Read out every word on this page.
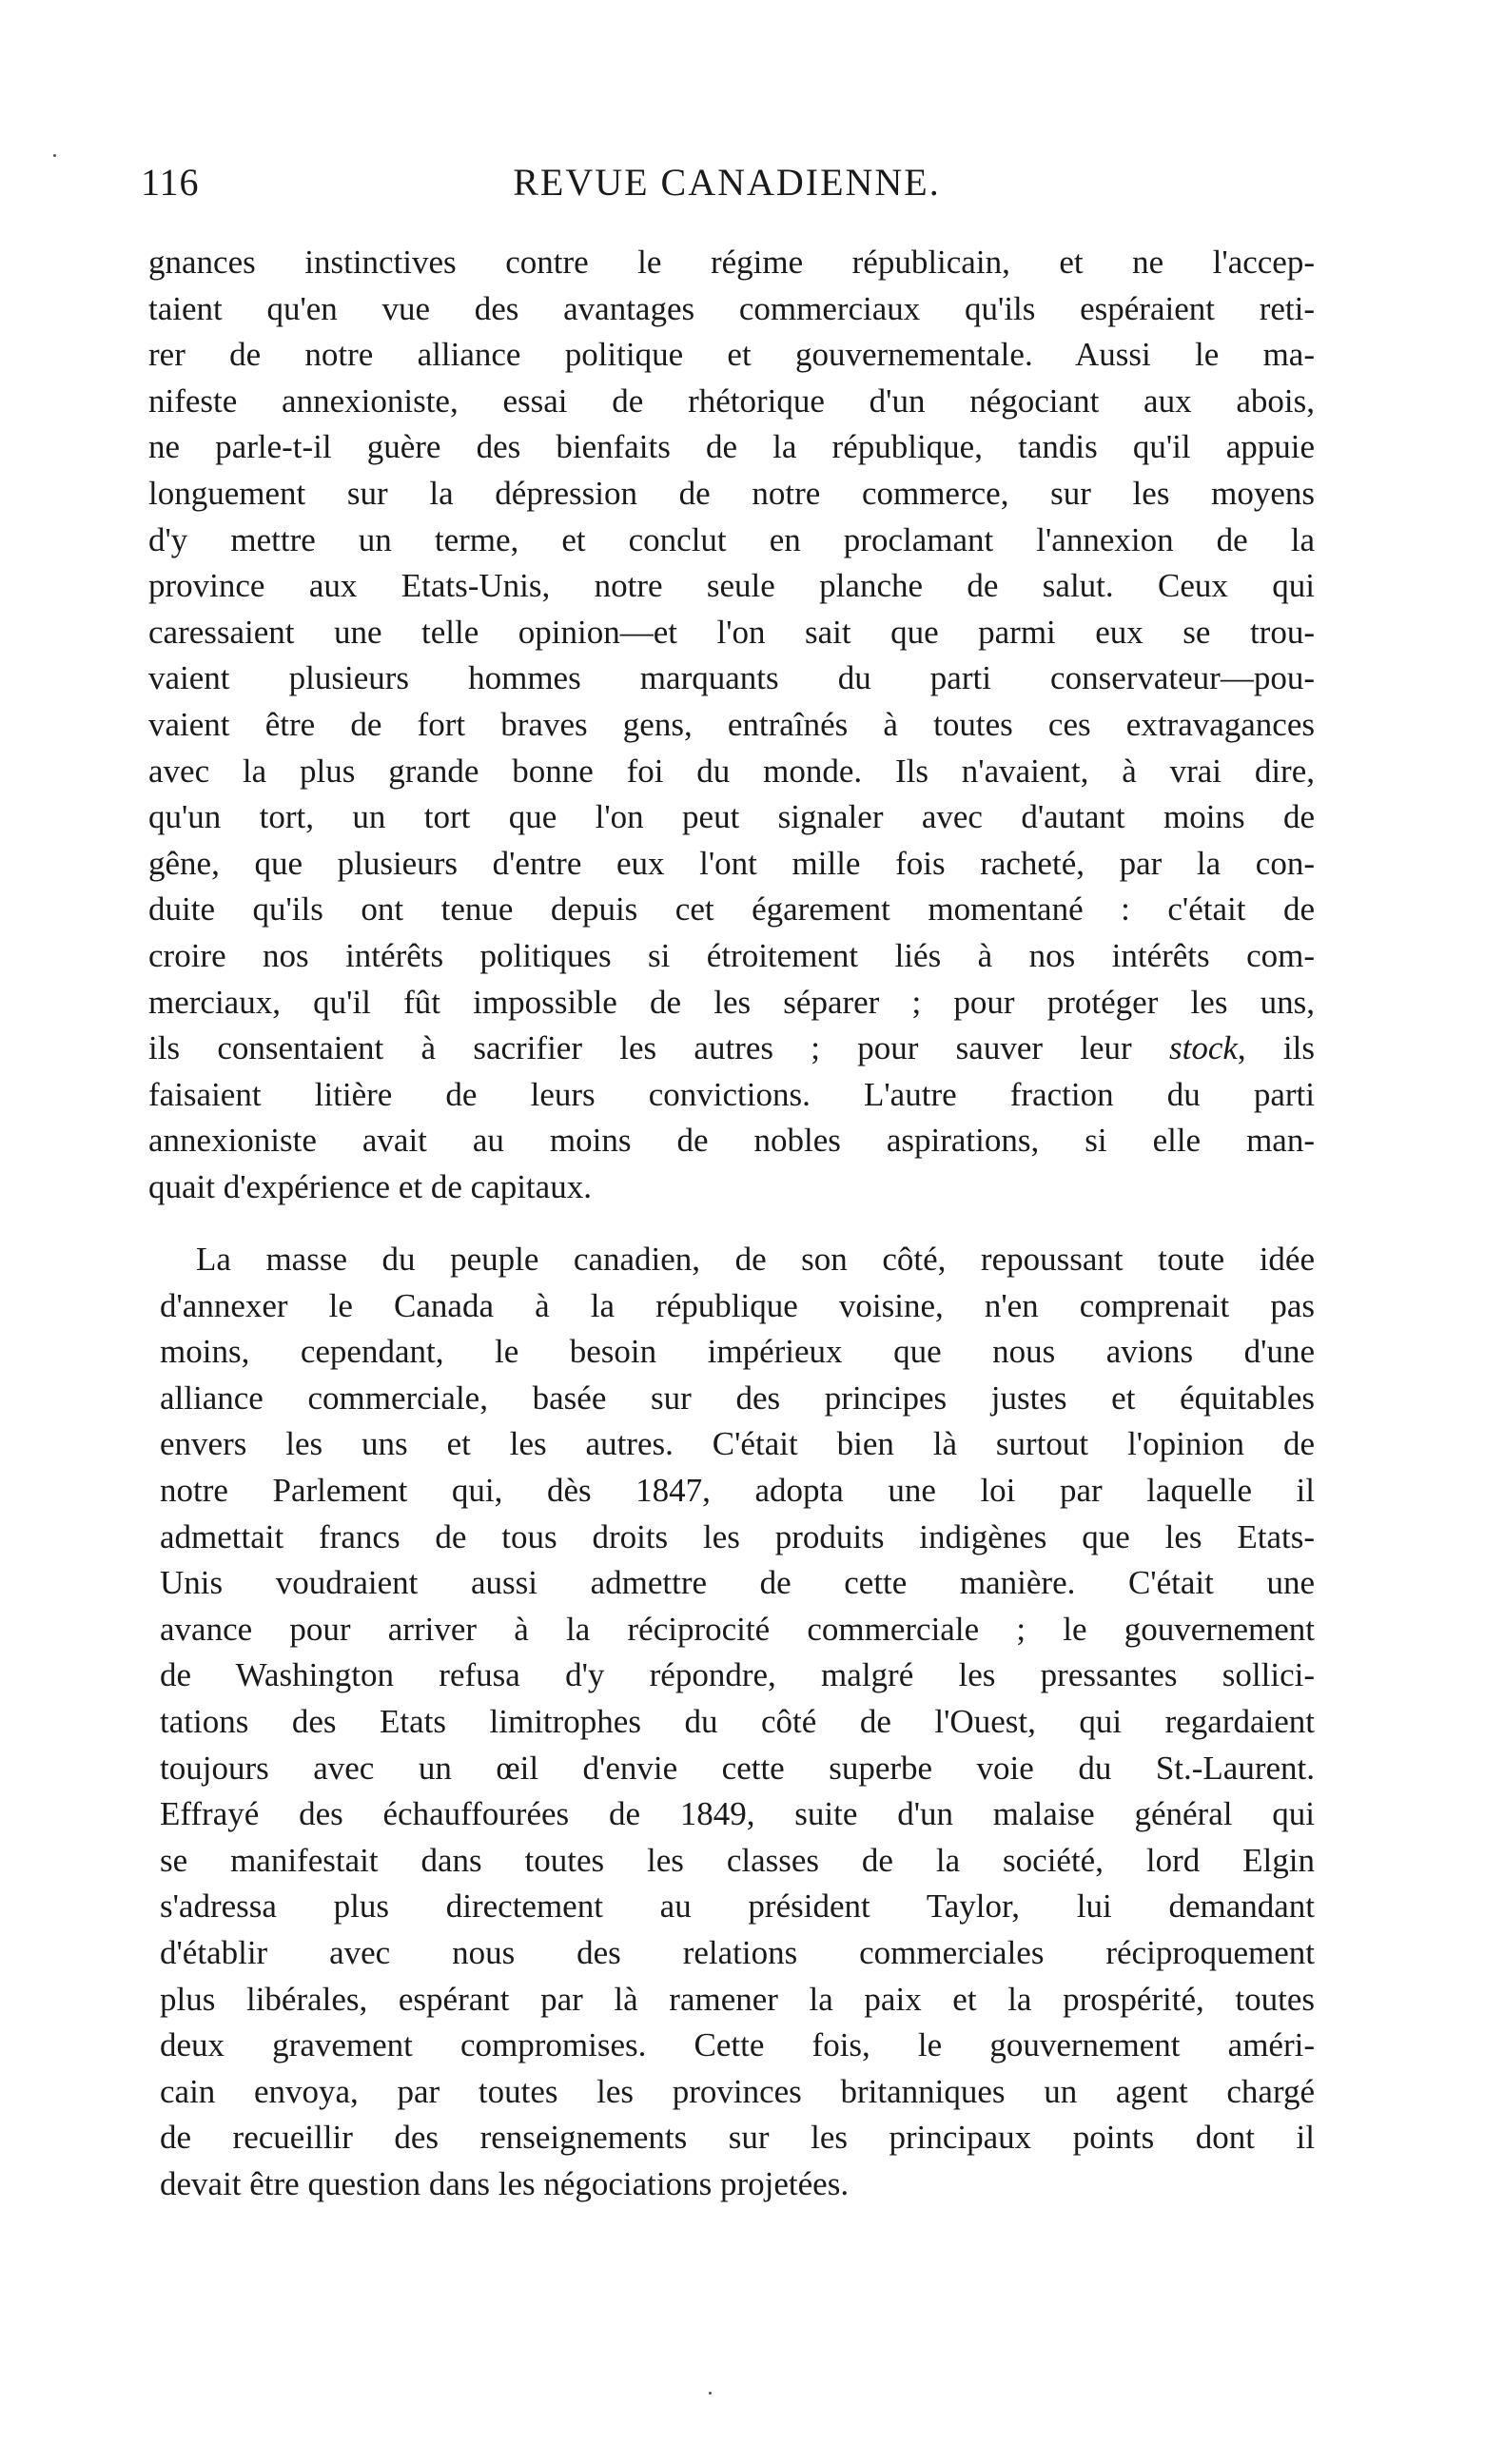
116	REVUE CANADIENNE.
gnances instinctives contre le régime républicain, et ne l'accep-
taient qu'en vue des avantages commerciaux qu'ils espéraient reti-
rer de notre alliance politique et gouvernementale. Aussi le ma-
nifeste annexioniste, essai de rhétorique d'un négociant aux abois,
ne parle-t-il guère des bienfaits de la république, tandis qu'il appuie
longuement sur la dépression de notre commerce, sur les moyens
d'y mettre un terme, et conclut en proclamant l'annexion de la
province aux Etats-Unis, notre seule planche de salut. Ceux qui
caressaient une telle opinion—et l'on sait que parmi eux se trou-
vaient plusieurs hommes marquants du parti conservateur—pou-
vaient être de fort braves gens, entraînés à toutes ces extravagances
avec la plus grande bonne foi du monde. Ils n'avaient, à vrai dire,
qu'un tort, un tort que l'on peut signaler avec d'autant moins de
gêne, que plusieurs d'entre eux l'ont mille fois racheté, par la con-
duite qu'ils ont tenue depuis cet égarement momentané : c'était de
croire nos intérêts politiques si étroitement liés à nos intérêts com-
merciaux, qu'il fût impossible de les séparer ; pour protéger les uns,
ils consentaient à sacrifier les autres ; pour sauver leur stock, ils
faisaient litière de leurs convictions. L'autre fraction du parti
annexioniste avait au moins de nobles aspirations, si elle man-
quait d'expérience et de capitaux.
La masse du peuple canadien, de son côté, repoussant toute idée
d'annexer le Canada à la république voisine, n'en comprenait pas
moins, cependant, le besoin impérieux que nous avions d'une
alliance commerciale, basée sur des principes justes et équitables
envers les uns et les autres. C'était bien là surtout l'opinion de
notre Parlement qui, dès 1847, adopta une loi par laquelle il
admettait francs de tous droits les produits indigènes que les Etats-
Unis voudraient aussi admettre de cette manière. C'était une
avance pour arriver à la réciprocité commerciale ; le gouvernement
de Washington refusa d'y répondre, malgré les pressantes sollici-
tations des Etats limitrophes du côté de l'Ouest, qui regardaient
toujours avec un œil d'envie cette superbe voie du St.-Laurent.
Effrayé des échauffourées de 1849, suite d'un malaise général qui
se manifestait dans toutes les classes de la société, lord Elgin
s'adressa plus directement au président Taylor, lui demandant
d'établir avec nous des relations commerciales réciproquement
plus libérales, espérant par là ramener la paix et la prospérité, toutes
deux gravement compromises. Cette fois, le gouvernement améri-
cain envoya, par toutes les provinces britanniques un agent chargé
de recueillir des renseignements sur les principaux points dont il
devait être question dans les négociations projetées.
